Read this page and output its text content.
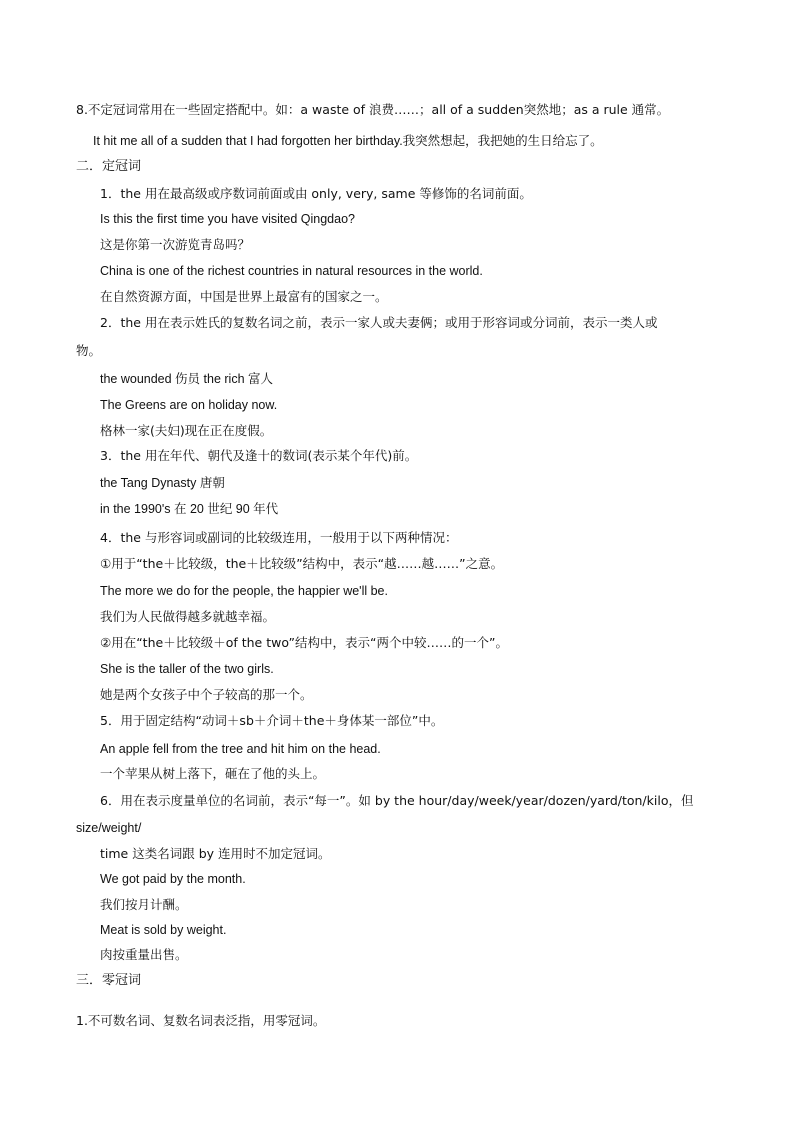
8.不定冠词常用在一些固定搭配中。如：a waste of 浪费……；all of a sudden突然地；as a rule 通常。
It hit me all of a sudden that I had forgotten her birthday.我突然想起，我把她的生日给忘了。
二．定冠词
1．the 用在最高级或序数词前面或由 only, very, same 等修饰的名词前面。
Is this the first time you have visited Qingdao?
这是你第一次游览青岛吗？
China is one of the richest countries in natural resources in the world.
在自然资源方面，中国是世界上最富有的国家之一。
2．the 用在表示姓氏的复数名词之前，表示一家人或夫妻俩；或用于形容词或分词前，表示一类人或
物。
the wounded 伤员 the rich 富人
The Greens are on holiday now.
格林一家(夫妇)现在正在度假。
3．the 用在年代、朝代及逢十的数词(表示某个年代)前。
the Tang Dynasty 唐朝
in the 1990's 在 20 世纪 90 年代
4．the 与形容词或副词的比较级连用，一般用于以下两种情况：
①用于“the＋比较级，the＋比较级”结构中，表示“越……越……”之意。
The more we do for the people, the happier we'll be.
我们为人民做得越多就越幸福。
②用在“the＋比较级＋of the two”结构中，表示“两个中较……的一个”。
She is the taller of the two girls.
她是两个女孩子中个子较高的那一个。
5．用于固定结构“动词＋sb＋介词＋the＋身体某一部位”中。
An apple fell from the tree and hit him on the head.
一个苹果从树上落下，砸在了他的头上。
6．用在表示度量单位的名词前，表示“每一”。如 by the hour/day/week/year/dozen/yard/ton/kilo，但
size/weight/
time 这类名词跟 by 连用时不加定冠词。
We got paid by the month.
我们按月计酬。
Meat is sold by weight.
肉按重量出售。
三．零冠词
1.不可数名词、复数名词表泛指，用零冠词。
